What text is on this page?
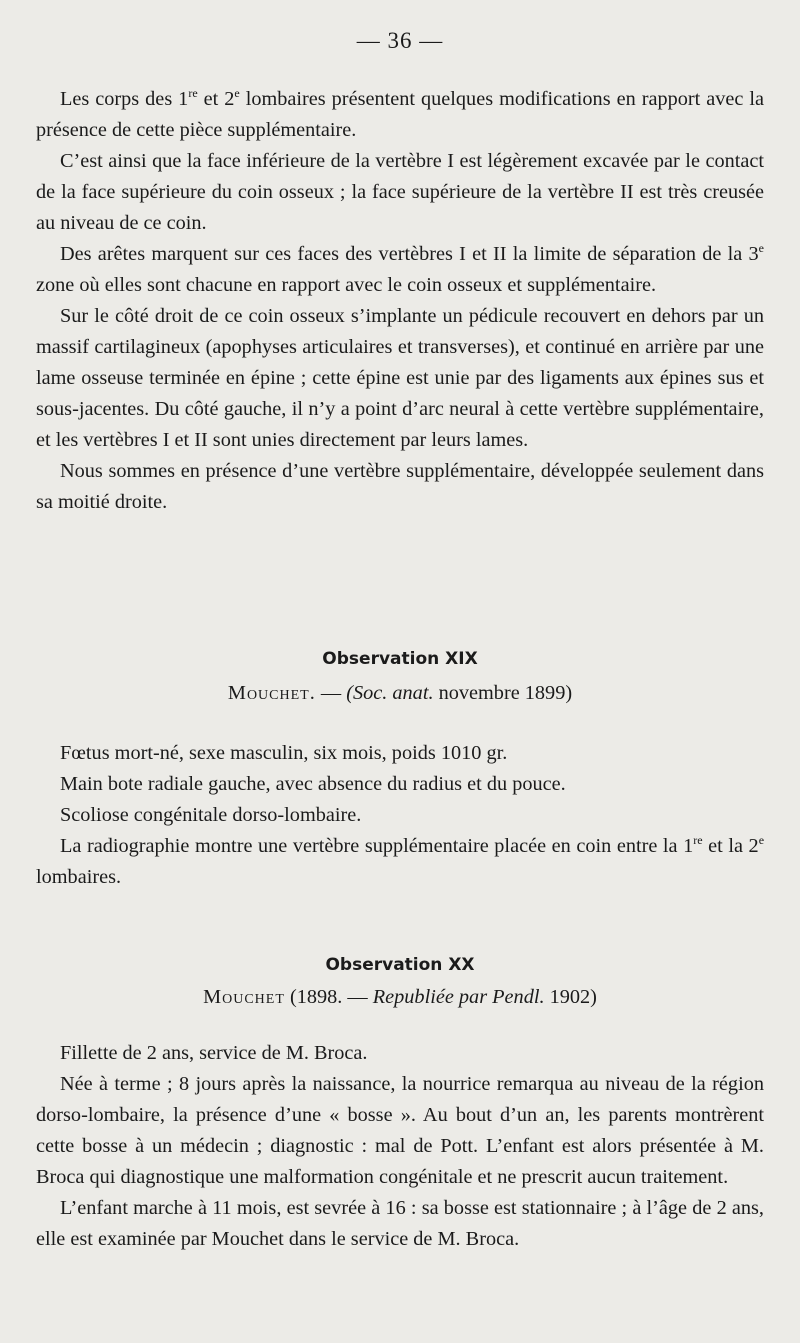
— 36 —

Les corps des 1re et 2e lombaires présentent quelques modifications en rapport avec la présence de cette pièce supplémentaire.

C’est ainsi que la face inférieure de la vertèbre I est légèrement excavée par le contact de la face supérieure du coin osseux ; la face supérieure de la vertèbre II est très creusée au niveau de ce coin.

Des arêtes marquent sur ces faces des vertèbres I et II la limite de séparation de la 3e zone où elles sont chacune en rapport avec le coin osseux et supplémentaire.

Sur le côté droit de ce coin osseux s’implante un pédicule recouvert en dehors par un massif cartilagineux (apophyses articulaires et transverses), et continué en arrière par une lame osseuse terminée en épine ; cette épine est unie par des ligaments aux épines sus et sous-jacentes. Du côté gauche, il n’y a point d’arc neural à cette vertèbre supplémentaire, et les vertèbres I et II sont unies directement par leurs lames.

Nous sommes en présence d’une vertèbre supplémentaire, développée seulement dans sa moitié droite.

Observation XIX
Mouchet. — (Soc. anat. novembre 1899)

Fœtus mort-né, sexe masculin, six mois, poids 1010 gr.

Main bote radiale gauche, avec absence du radius et du pouce.

Scoliose congénitale dorso-lombaire.

La radiographie montre une vertèbre supplémentaire placée en coin entre la 1re et la 2e lombaires.

Observation XX
Mouchet (1898. — Republiée par Pendl. 1902)

Fillette de 2 ans, service de M. Broca.

Née à terme ; 8 jours après la naissance, la nourrice remarqua au niveau de la région dorso-lombaire, la présence d’une « bosse ». Au bout d’un an, les parents montrèrent cette bosse à un médecin ; diagnostic : mal de Pott. L’enfant est alors présentée à M. Broca qui diagnostique une malformation congénitale et ne prescrit aucun traitement.

L’enfant marche à 11 mois, est sevrée à 16 : sa bosse est stationnaire ; à l’âge de 2 ans, elle est examinée par Mouchet dans le service de M. Broca.
